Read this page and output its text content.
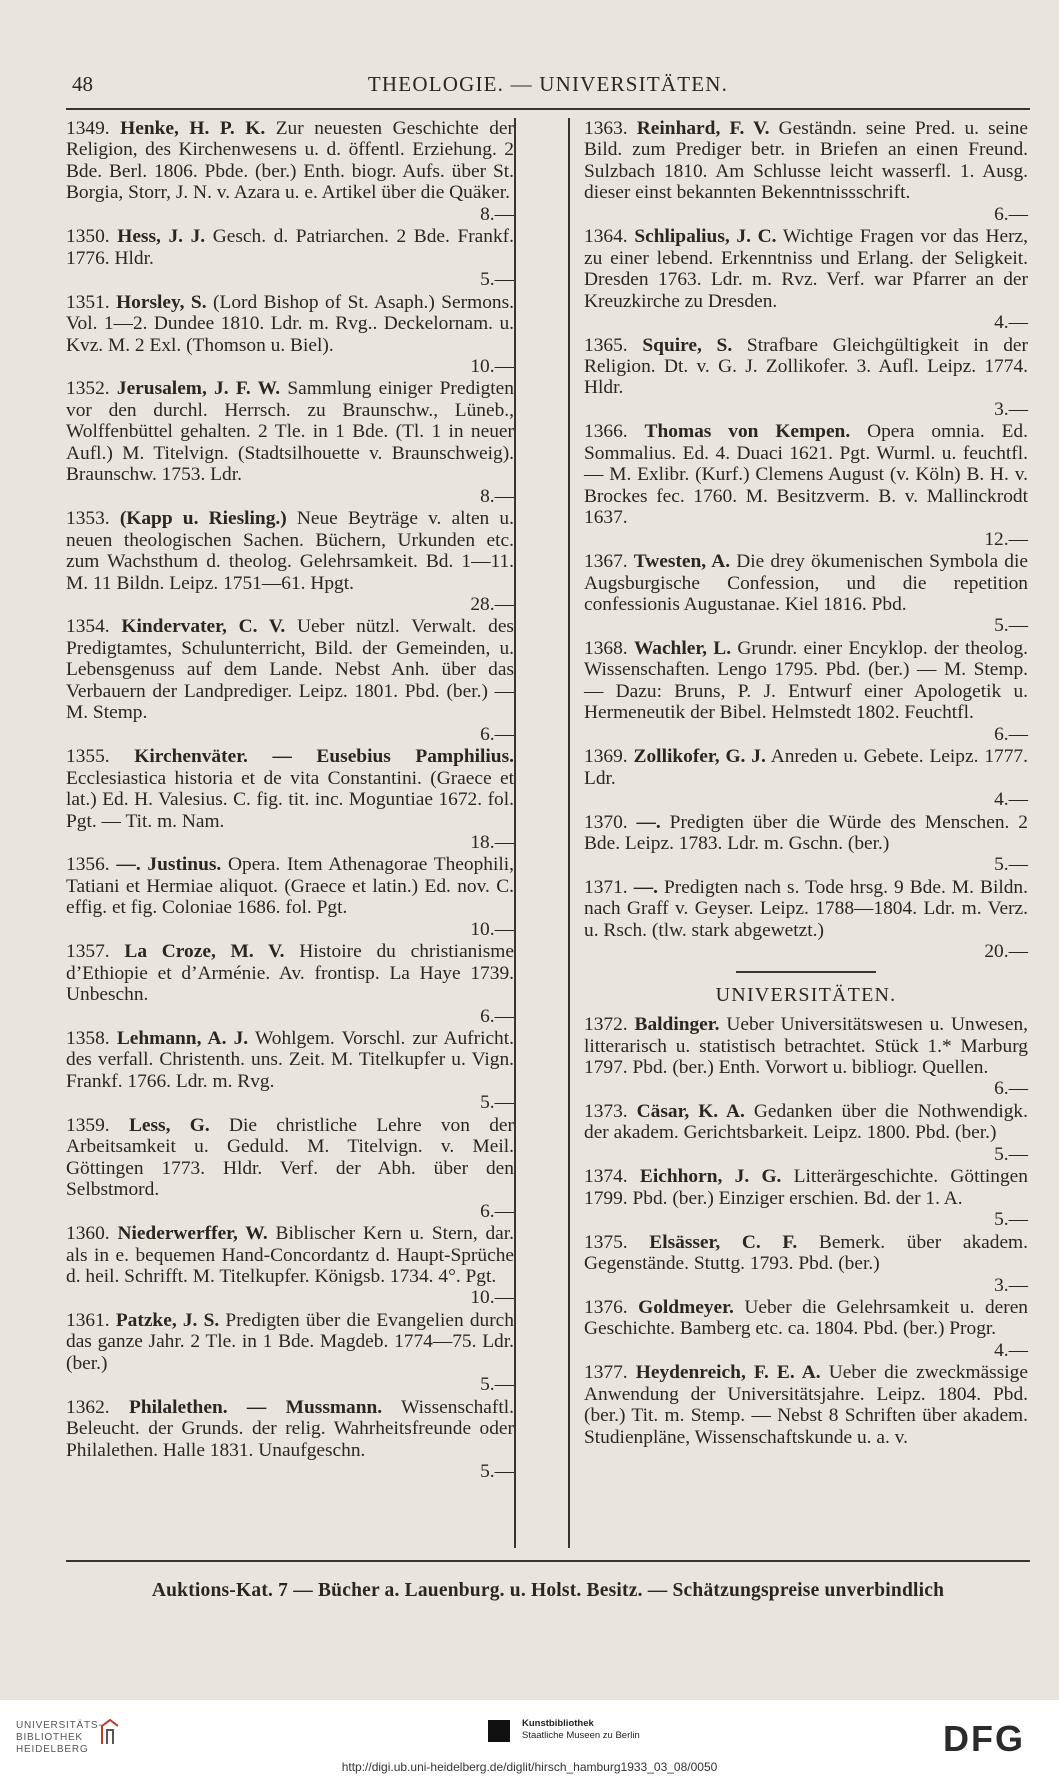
48	THEOLOGIE. — UNIVERSITÄTEN.
1349. Henke, H. P. K. Zur neuesten Geschichte der Religion, des Kirchenwesens u. d. öffentl. Erziehung. 2 Bde. Berl. 1806. Pbde. (ber.) Enth. biogr. Aufs. über St. Borgia, Storr, J. N. v. Azara u. e. Artikel über die Quäker.
8.—
1350. Hess, J. J. Gesch. d. Patriarchen. 2 Bde. Frankf. 1776. Hldr.
5.—
1351. Horsley, S. (Lord Bishop of St. Asaph.) Sermons. Vol. 1—2. Dundee 1810. Ldr. m. Rvg.. Deckelornam. u. Kvz. M. 2 Exl. (Thomson u. Biel).
10.—
1352. Jerusalem, J. F. W. Sammlung einiger Predigten vor den durchl. Herrsch. zu Braunschw., Lüneb., Wolffenbüttel gehalten. 2 Tle. in 1 Bde. (Tl. 1 in neuer Aufl.) M. Titelvign. (Stadtsilhouette v. Braunschweig). Braunschw. 1753. Ldr.
8.—
1353. (Kapp u. Riesling.) Neue Beyträge v. alten u. neuen theologischen Sachen. Büchern, Urkunden etc. zum Wachsthum d. theolog. Gelehrsamkeit. Bd. 1—11. M. 11 Bildn. Leipz. 1751—61. Hpgt.
28.—
1354. Kindervater, C. V. Ueber nützl. Verwalt. des Predigtamtes, Schulunterricht, Bild. der Gemeinden, u. Lebensgenuss auf dem Lande. Nebst Anh. über das Verbauern der Landprediger. Leipz. 1801. Pbd. (ber.) — M. Stemp.
6.—
1355. Kirchenväter. — Eusebius Pamphilius. Ecclesiastica historia et de vita Constantini. (Graece et lat.) Ed. H. Valesius. C. fig. tit. inc. Moguntiae 1672. fol. Pgt. — Tit. m. Nam.
18.—
1356. —. Justinus. Opera. Item Athenagorae Theophili, Tatiani et Hermiae aliquot. (Graece et latin.) Ed. nov. C. effig. et fig. Coloniae 1686. fol. Pgt.
10.—
1357. La Croze, M. V. Histoire du christianisme d’Ethiopie et d’Arménie. Av. frontisp. La Haye 1739. Unbeschn.
6.—
1358. Lehmann, A. J. Wohlgem. Vorschl. zur Aufricht. des verfall. Christenth. uns. Zeit. M. Titelkupfer u. Vign. Frankf. 1766. Ldr. m. Rvg.
5.—
1359. Less, G. Die christliche Lehre von der Arbeitsamkeit u. Geduld. M. Titelvign. v. Meil. Göttingen 1773. Hldr. Verf. der Abh. über den Selbstmord.
6.—
1360. Niederwerffer, W. Biblischer Kern u. Stern, dar. als in e. bequemen Hand-Concordantz d. Haupt-Sprüche d. heil. Schrifft. M. Titelkupfer. Königsb. 1734. 4°. Pgt.
10.—
1361. Patzke, J. S. Predigten über die Evangelien durch das ganze Jahr. 2 Tle. in 1 Bde. Magdeb. 1774—75. Ldr. (ber.)
5.—
1362. Philalethen. — Mussmann. Wissenschaftl. Beleucht. der Grunds. der relig. Wahrheitsfreunde oder Philalethen. Halle 1831. Unaufgeschn.
5.—
1363. Reinhard, F. V. Geständn. seine Pred. u. seine Bild. zum Prediger betr. in Briefen an einen Freund. Sulzbach 1810. Am Schlusse leicht wasserfl. 1. Ausg. dieser einst bekannten Bekenntnissschrift.
6.—
1364. Schlipalius, J. C. Wichtige Fragen vor das Herz, zu einer lebend. Erkenntniss und Erlang. der Seligkeit. Dresden 1763. Ldr. m. Rvz. Verf. war Pfarrer an der Kreuzkirche zu Dresden.
4.—
1365. Squire, S. Strafbare Gleichgültigkeit in der Religion. Dt. v. G. J. Zollikofer. 3. Aufl. Leipz. 1774. Hldr.
3.—
1366. Thomas von Kempen. Opera omnia. Ed. Sommalius. Ed. 4. Duaci 1621. Pgt. Wurml. u. feuchtfl. — M. Exlibr. (Kurf.) Clemens August (v. Köln) B. H. v. Brockes fec. 1760. M. Besitzverm. B. v. Mallinckrodt 1637.
12.—
1367. Twesten, A. Die drey ökumenischen Symbola die Augsburgische Confession, und die repetition confessionis Augustanae. Kiel 1816. Pbd.
5.—
1368. Wachler, L. Grundr. einer Encyklop. der theolog. Wissenschaften. Lengo 1795. Pbd. (ber.) — M. Stemp. — Dazu: Bruns, P. J. Entwurf einer Apologetik u. Hermeneutik der Bibel. Helmstedt 1802. Feuchtfl.
6.—
1369. Zollikofer, G. J. Anreden u. Gebete. Leipz. 1777. Ldr.
4.—
1370. —. Predigten über die Würde des Menschen. 2 Bde. Leipz. 1783. Ldr. m. Gschn. (ber.)
5.—
1371. —. Predigten nach s. Tode hrsg. 9 Bde. M. Bildn. nach Graff v. Geyser. Leipz. 1788—1804. Ldr. m. Verz. u. Rsch. (tlw. stark abgewetzt.)
20.—
UNIVERSITÄTEN.
1372. Baldinger. Ueber Universitätswesen u. Unwesen, litterarisch u. statistisch betrachtet. Stück 1.* Marburg 1797. Pbd. (ber.) Enth. Vorwort u. bibliogr. Quellen.
6.—
1373. Cäsar, K. A. Gedanken über die Nothwendigk. der akadem. Gerichtsbarkeit. Leipz. 1800. Pbd. (ber.)
5.—
1374. Eichhorn, J. G. Litterärgeschichte. Göttingen 1799. Pbd. (ber.) Einziger erschien. Bd. der 1. A.
5.—
1375. Elsässer, C. F. Bemerk. über akadem. Gegenstände. Stuttg. 1793. Pbd. (ber.)
3.—
1376. Goldmeyer. Ueber die Gelehrsamkeit u. deren Geschichte. Bamberg etc. ca. 1804. Pbd. (ber.) Progr.
4.—
1377. Heydenreich, F. E. A. Ueber die zweckmässige Anwendung der Universitätsjahre. Leipz. 1804. Pbd. (ber.) Tit. m. Stemp. — Nebst 8 Schriften über akadem. Studienpläne, Wissenschaftskunde u. a. v.
Auktions-Kat. 7 — Bücher a. Lauenburg. u. Holst. Besitz. — Schätzungspreise unverbindlich
UNIVERSITÄTS-
BIBLIOTHEK
HEIDELBERG
Kunstbibliothek
Staatliche Museen zu Berlin	DFG
http://digi.ub.uni-heidelberg.de/diglit/hirsch_hamburg1933_03_08/0050
